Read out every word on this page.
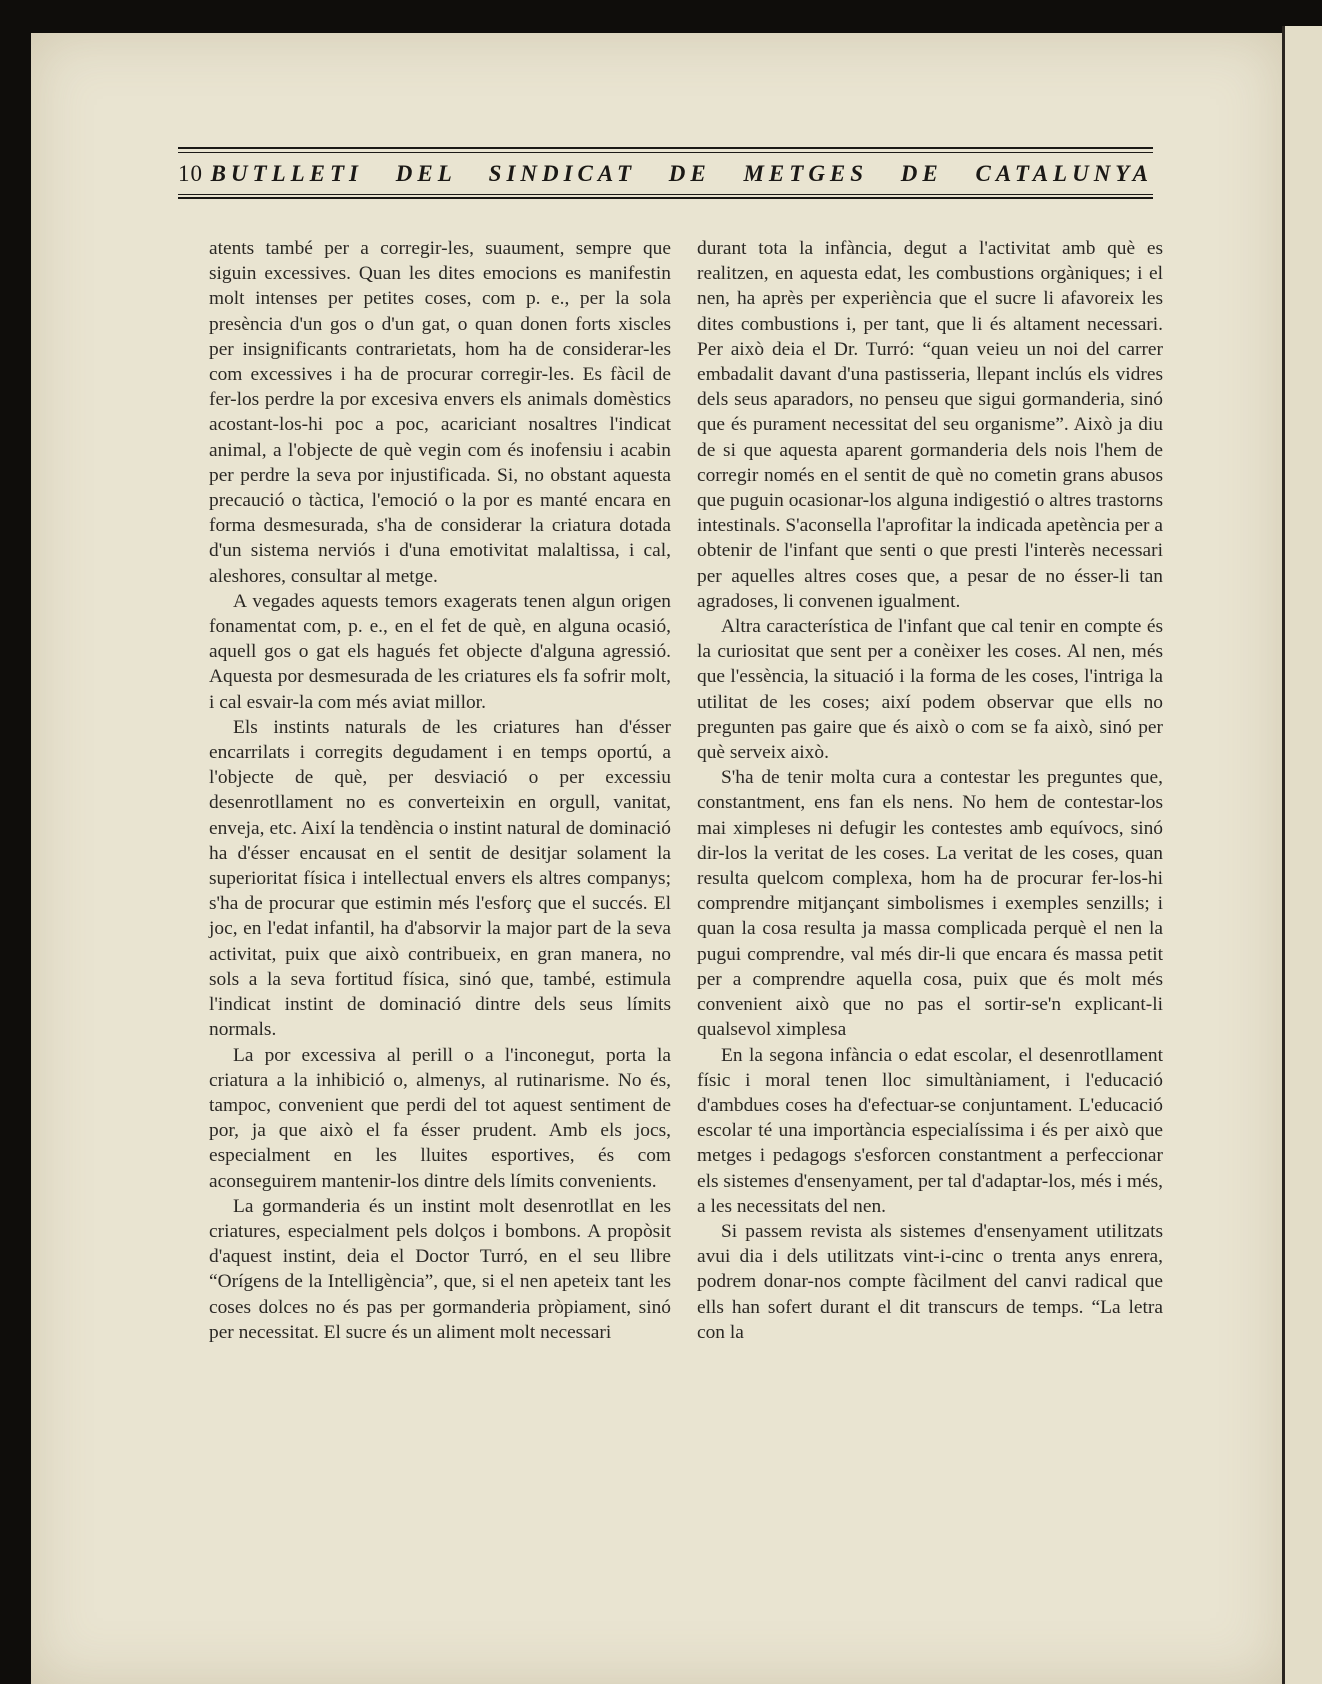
10 BUTLLETI DEL SINDICAT DE METGES DE CATALUNYA

atents també per a corregir-les, suaument, sempre que siguin excessives. Quan les dites emocions es manifestin molt intenses per petites coses, com p. e., per la sola presència d'un gos o d'un gat, o quan donen forts xiscles per insignificants contrarietats, hom ha de considerar-les com excessives i ha de procurar corregir-les. Es fàcil de fer-los perdre la por excesiva envers els animals domèstics acostant-los-hi poc a poc, acariciant nosaltres l'indicat animal, a l'objecte de què vegin com és inofensiu i acabin per perdre la seva por injustificada. Si, no obstant aquesta precaució o tàctica, l'emoció o la por es manté encara en forma desmesurada, s'ha de considerar la criatura dotada d'un sistema nerviós i d'una emotivitat malaltissa, i cal, aleshores, consultar al metge.

A vegades aquests temors exagerats tenen algun origen fonamentat com, p. e., en el fet de què, en alguna ocasió, aquell gos o gat els hagués fet objecte d'alguna agressió. Aquesta por desmesurada de les criatures els fa sofrir molt, i cal esvair-la com més aviat millor.

Els instints naturals de les criatures han d'ésser encarrilats i corregits degudament i en temps oportú, a l'objecte de què, per desviació o per excessiu desenrotllament no es converteixin en orgull, vanitat, enveja, etc. Així la tendència o instint natural de dominació ha d'ésser encausat en el sentit de desitjar solament la superioritat física i intellectual envers els altres companys; s'ha de procurar que estimin més l'esforç que el succés. El joc, en l'edat infantil, ha d'absorvir la major part de la seva activitat, puix que això contribueix, en gran manera, no sols a la seva fortitud física, sinó que, també, estimula l'indicat instint de dominació dintre dels seus límits normals.

La por excessiva al perill o a l'inconegut, porta la criatura a la inhibició o, almenys, al rutinarisme. No és, tampoc, convenient que perdi del tot aquest sentiment de por, ja que això el fa ésser prudent. Amb els jocs, especialment en les lluites esportives, és com aconseguirem mantenir-los dintre dels límits convenients.

La gormanderia és un instint molt desenrotllat en les criatures, especialment pels dolços i bombons. A propòsit d'aquest instint, deia el Doctor Turró, en el seu llibre “Orígens de la Intelligència”, que, si el nen apeteix tant les coses dolces no és pas per gormanderia pròpiament, sinó per necessitat. El sucre és un aliment molt necessari

durant tota la infància, degut a l'activitat amb què es realitzen, en aquesta edat, les combustions orgàniques; i el nen, ha après per experiència que el sucre li afavoreix les dites combustions i, per tant, que li és altament necessari. Per això deia el Dr. Turró: “quan veieu un noi del carrer embadalit davant d'una pastisseria, llepant inclús els vidres dels seus aparadors, no penseu que sigui gormanderia, sinó que és purament necessitat del seu organisme”. Això ja diu de si que aquesta aparent gormanderia dels nois l'hem de corregir només en el sentit de què no cometin grans abusos que puguin ocasionar-los alguna indigestió o altres trastorns intestinals. S'aconsella l'aprofitar la indicada apetència per a obtenir de l'infant que senti o que presti l'interès necessari per aquelles altres coses que, a pesar de no ésser-li tan agradoses, li convenen igualment.

Altra característica de l'infant que cal tenir en compte és la curiositat que sent per a conèixer les coses. Al nen, més que l'essència, la situació i la forma de les coses, l'intriga la utilitat de les coses; així podem observar que ells no pregunten pas gaire que és això o com se fa això, sinó per què serveix això.

S'ha de tenir molta cura a contestar les preguntes que, constantment, ens fan els nens. No hem de contestar-los mai ximpleses ni defugir les contestes amb equívocs, sinó dir-los la veritat de les coses. La veritat de les coses, quan resulta quelcom complexa, hom ha de procurar fer-los-hi comprendre mitjançant simbolismes i exemples senzills; i quan la cosa resulta ja massa complicada perquè el nen la pugui comprendre, val més dir-li que encara és massa petit per a comprendre aquella cosa, puix que és molt més convenient això que no pas el sortir-se'n explicant-li qualsevol ximplesa

En la segona infància o edat escolar, el desenrotllament físic i moral tenen lloc simultàniament, i l'educació d'ambdues coses ha d'efectuar-se conjuntament. L'educació escolar té una importància especialíssima i és per això que metges i pedagogs s'esforcen constantment a perfeccionar els sistemes d'ensenyament, per tal d'adaptar-los, més i més, a les necessitats del nen.

Si passem revista als sistemes d'ensenyament utilitzats avui dia i dels utilitzats vint-i-cinc o trenta anys enrera, podrem donar-nos compte fàcilment del canvi radical que ells han sofert durant el dit transcurs de temps. “La letra con la
